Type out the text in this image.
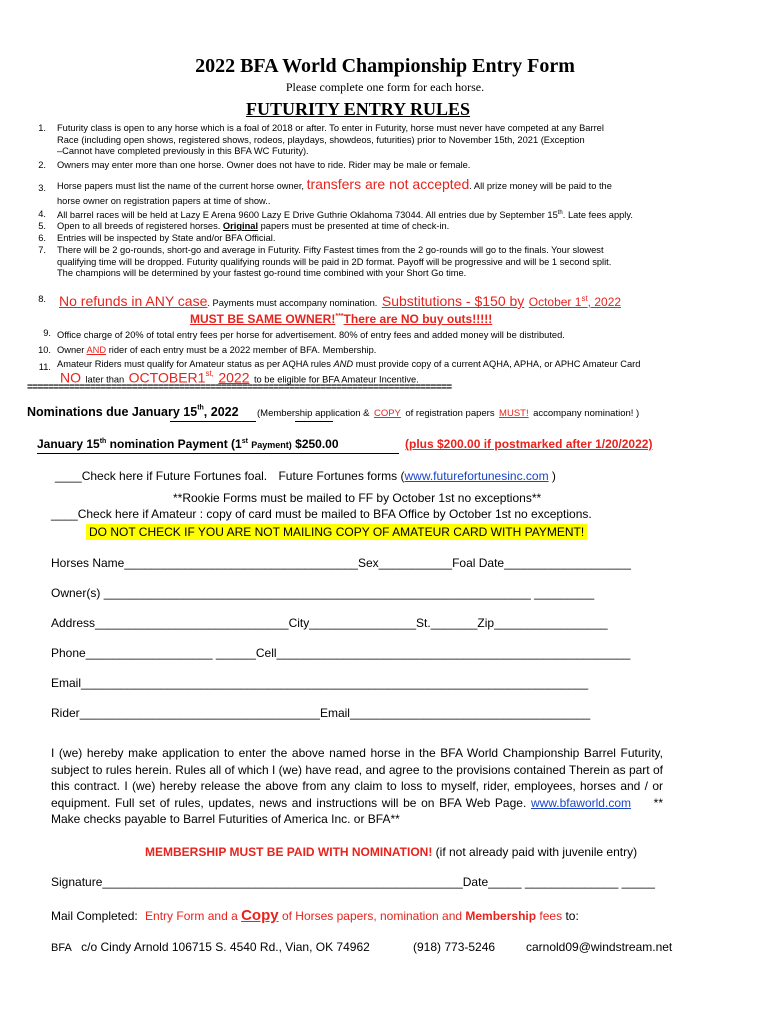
2022 BFA World Championship Entry Form
Please complete one form for each horse.
FUTURITY ENTRY RULES
1. Futurity class is open to any horse which is a foal of 2018 or after. To enter in Futurity, horse must never have competed at any Barrel
Race (including open shows, registered shows, rodeos, playdays, showdeos, futurities) prior to November 15th, 2021 (Exception
–Cannot have completed previously in this BFA WC Futurity).
2. Owners may enter more than one horse. Owner does not have to ride. Rider may be male or female.
3. Horse papers must list the name of the current horse owner, transfers are not accepted. All prize money will be paid to the
horse owner on registration papers at time of show..
4. All barrel races will be held at Lazy E Arena 9600 Lazy E Drive Guthrie Oklahoma 73044. All entries due by September 15th. Late fees apply.
5. Open to all breeds of registered horses. Original papers must be presented at time of check-in.
6. Entries will be inspected by State and/or BFA Official.
7. There will be 2 go-rounds, short-go and average in Futurity. Fifty Fastest times from the 2 go-rounds will go to the finals. Your slowest
qualifying time will be dropped. Futurity qualifying rounds will be paid in 2D format. Payoff will be progressive and will be 1 second split.
The champions will be determined by your fastest go-round time combined with your Short Go time.
8. No refunds in ANY case. Payments must accompany nomination. Substitutions - $150 by October 1st, 2022
MUST BE SAME OWNER!***There are NO buy outs!!!!!
9. Office charge of 20% of total entry fees per horse for advertisement. 80% of entry fees and added money will be distributed.
10. Owner AND rider of each entry must be a 2022 member of BFA. Membership.
11. Amateur Riders must qualify for Amateur status as per AQHA rules AND must provide copy of a current AQHA, APHA, or APHC Amateur Card
NO later than $OCTOBER1^{st,}$ 2022 to be eligible for BFA Amateur Incentive.
=================================================================================
Nominations due January 15th, 2022 (Membership application & COPY of registration papers MUST! accompany nomination! )
January 15th nomination Payment (1st Payment) $250.00	(plus $200.00 if postmarked after 1/20/2022)
____Check here if Future Fortunes foal. Future Fortunes forms (www.futurefortunesinc.com )
**Rookie Forms must be mailed to FF by October 1st no exceptions**
____Check here if Amateur : copy of card must be mailed to BFA Office by October 1st no exceptions.
DO NOT CHECK IF YOU ARE NOT MAILING COPY OF AMATEUR CARD WITH PAYMENT!
Horses Name___________________________________Sex___________Foal Date___________________
Owner(s) ________________________________________________________________ _________
Address_____________________________City________________St._______Zip_________________
Phone___________________ ______Cell_____________________________________________________
Email____________________________________________________________________________
Rider____________________________________Email____________________________________
I (we) hereby make application to enter the above named horse in the BFA World Championship Barrel Futurity, subject to rules herein. Rules all of which I (we) have read, and agree to the provisions contained Therein as part of this contract. I (we) hereby release the above from any claim to loss to myself, rider, employees, horses and / or equipment. Full set of rules, updates, news and instructions will be on BFA Web Page. www.bfaworld.com ** Make checks payable to Barrel Futurities of America Inc. or BFA**
MEMBERSHIP MUST BE PAID WITH NOMINATION! (if not already paid with juvenile entry)
Signature______________________________________________________Date_____ ______________ _____
Mail Completed: Entry Form and a Copy of Horses papers, nomination and Membership fees to:
BFA c/o Cindy Arnold 106715 S. 4540 Rd., Vian, OK 74962	(918) 773-5246	carnold09@windstream.net
